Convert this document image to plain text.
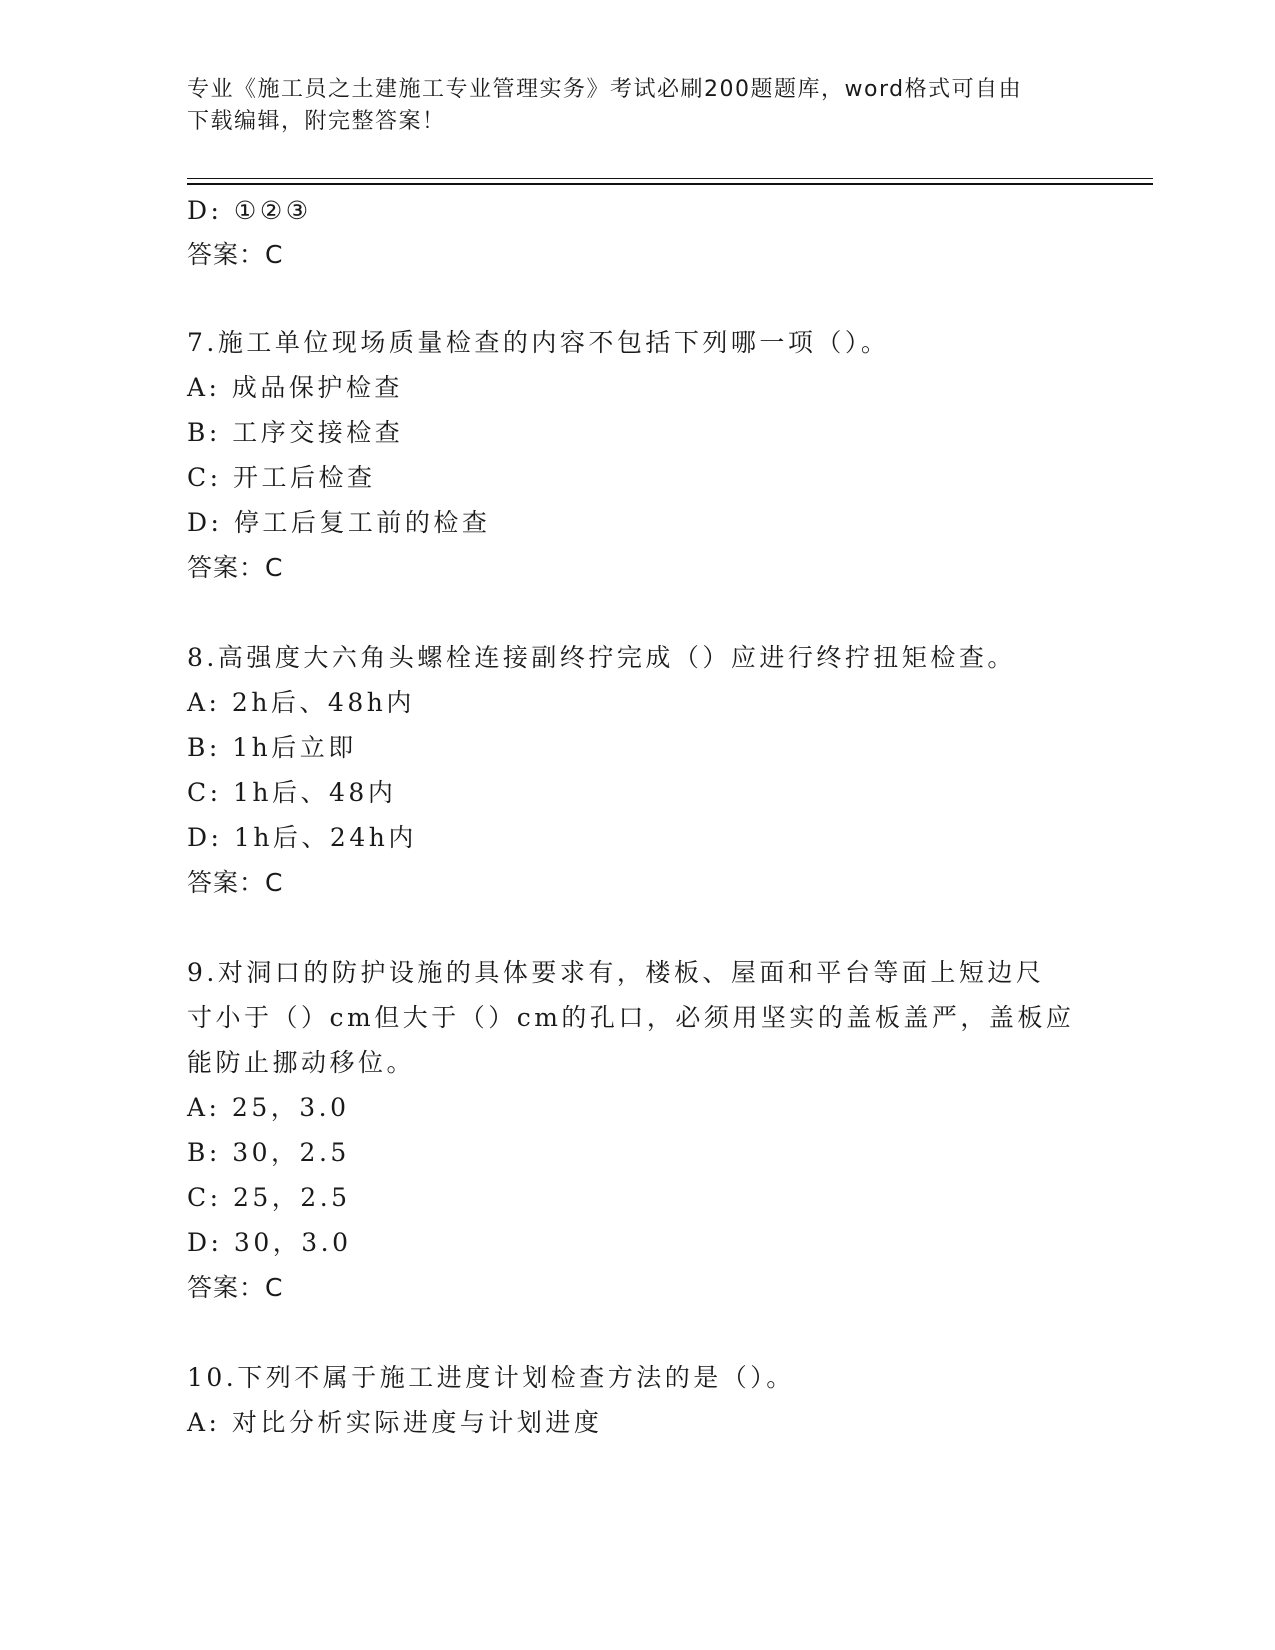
专业《施工员之土建施工专业管理实务》考试必刷200题题库，word格式可自由
下载编辑，附完整答案！
D: ①②③
答案：C
7.施工单位现场质量检查的内容不包括下列哪一项（）。
A: 成品保护检查
B: 工序交接检查
C: 开工后检查
D: 停工后复工前的检查
答案：C
8.高强度大六角头螺栓连接副终拧完成（）应进行终拧扭矩检查。
A: 2h后、48h内
B: 1h后立即
C: 1h后、48内
D: 1h后、24h内
答案：C
9.对洞口的防护设施的具体要求有，楼板、屋面和平台等面上短边尺
寸小于（）cm但大于（）cm的孔口，必须用坚实的盖板盖严，盖板应
能防止挪动移位。
A: 25，3.0
B: 30，2.5
C: 25，2.5
D: 30，3.0
答案：C
10.下列不属于施工进度计划检查方法的是（）。
A: 对比分析实际进度与计划进度
